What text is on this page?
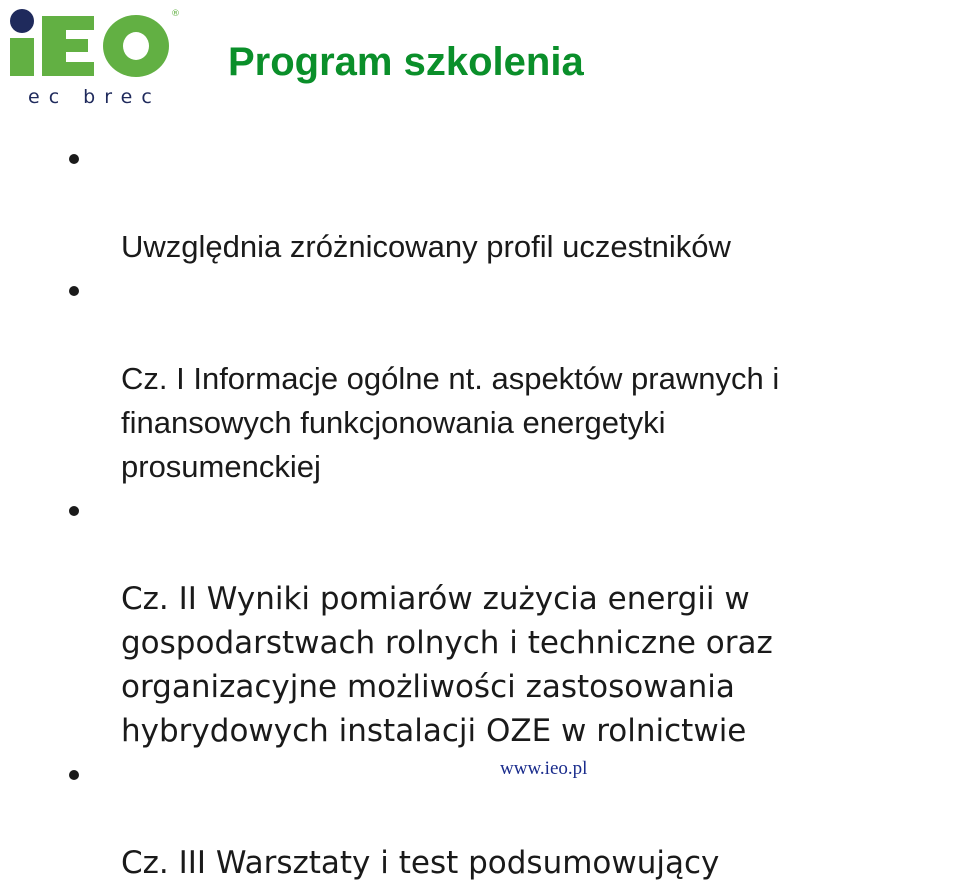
®
ec brec
Program szkolenia

Uwzględnia zróżnicowany profil uczestników

Cz. I Informacje ogólne nt. aspektów prawnych i
finansowych funkcjonowania energetyki
prosumenckiej

Cz. II Wyniki pomiarów zużycia energii w
gospodarstwach rolnych i techniczne oraz
organizacyjne możliwości zastosowania
hybrydowych instalacji OZE w rolnictwie

Cz. III Warsztaty i test podsumowujący

www.ieo.pl
